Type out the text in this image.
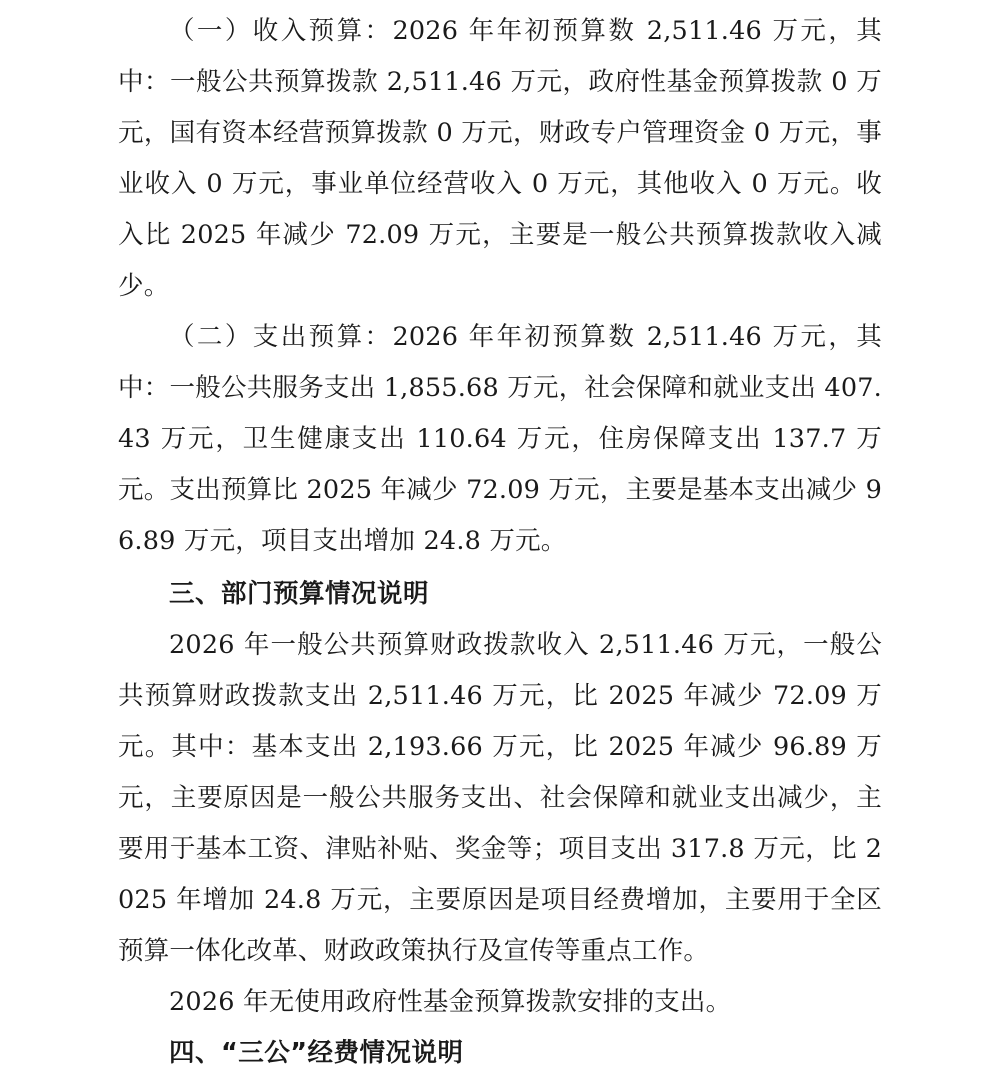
（一）收入预算：2026 年年初预算数 2,511.46 万元，其中：一般公共预算拨款 2,511.46 万元，政府性基金预算拨款 0 万元，国有资本经营预算拨款 0 万元，财政专户管理资金 0 万元，事业收入 0 万元，事业单位经营收入 0 万元，其他收入 0 万元。收入比 2025 年减少 72.09 万元，主要是一般公共预算拨款收入减少。

（二）支出预算：2026 年年初预算数 2,511.46 万元，其中：一般公共服务支出 1,855.68 万元，社会保障和就业支出 407.43 万元，卫生健康支出 110.64 万元，住房保障支出 137.7 万元。支出预算比 2025 年减少 72.09 万元，主要是基本支出减少 96.89 万元，项目支出增加 24.8 万元。

三、部门预算情况说明

2026 年一般公共预算财政拨款收入 2,511.46 万元，一般公共预算财政拨款支出 2,511.46 万元，比 2025 年减少 72.09 万元。其中：基本支出 2,193.66 万元，比 2025 年减少 96.89 万元，主要原因是一般公共服务支出、社会保障和就业支出减少，主要用于基本工资、津贴补贴、奖金等；项目支出 317.8 万元，比 2025 年增加 24.8 万元，主要原因是项目经费增加，主要用于全区预算一体化改革、财政政策执行及宣传等重点工作。

2026 年无使用政府性基金预算拨款安排的支出。

四、“三公”经费情况说明
